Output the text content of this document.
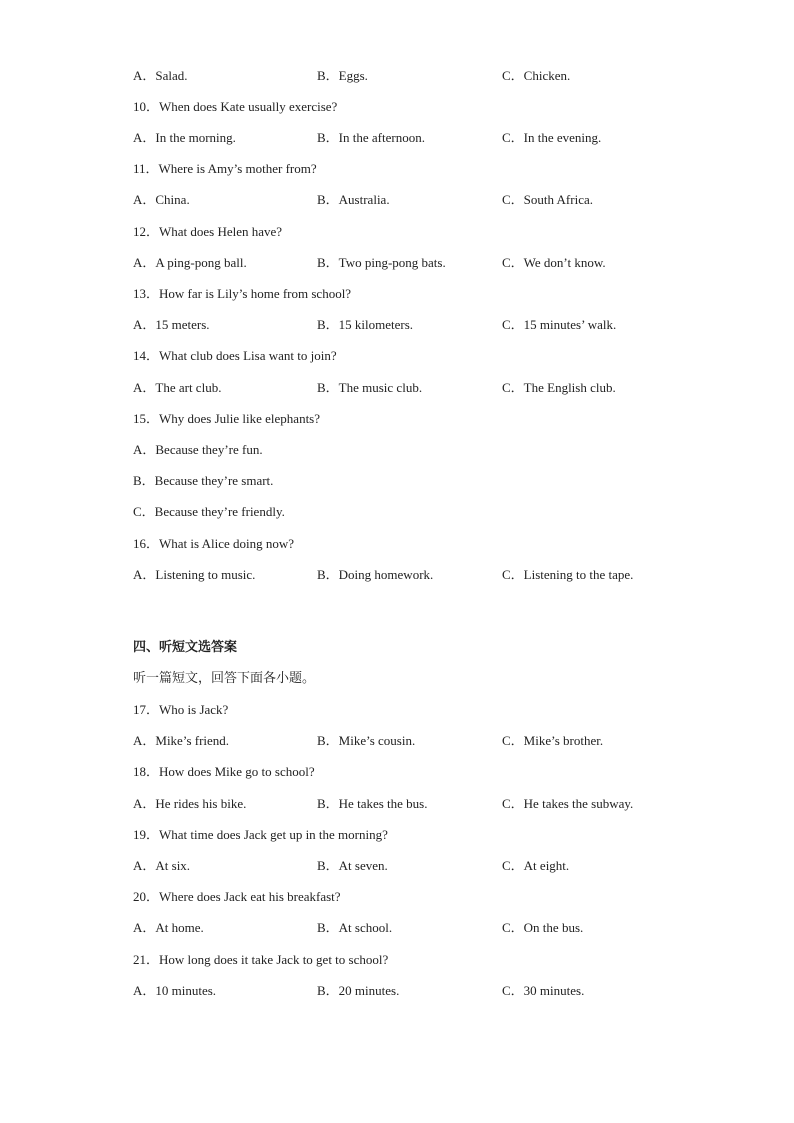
A．Salad.	B．Eggs.	C．Chicken.
10．When does Kate usually exercise?
A．In the morning.	B．In the afternoon.	C．In the evening.
11．Where is Amy’s mother from?
A．China.	B．Australia.	C．South Africa.
12．What does Helen have?
A．A ping-pong ball.	B．Two ping-pong bats.	C．We don’t know.
13．How far is Lily’s home from school?
A．15 meters.	B．15 kilometers.	C．15 minutes’ walk.
14．What club does Lisa want to join?
A．The art club.	B．The music club.	C．The English club.
15．Why does Julie like elephants?
A．Because they’re fun.
B．Because they’re smart.
C．Because they’re friendly.
16．What is Alice doing now?
A．Listening to music.	B．Doing homework.	C．Listening to the tape.
四、听短文选答案
听一篇短文，回答下面各小题。
17．Who is Jack?
A．Mike’s friend.	B．Mike’s cousin.	C．Mike’s brother.
18．How does Mike go to school?
A．He rides his bike.	B．He takes the bus.	C．He takes the subway.
19．What time does Jack get up in the morning?
A．At six.	B．At seven.	C．At eight.
20．Where does Jack eat his breakfast?
A．At home.	B．At school.	C．On the bus.
21．How long does it take Jack to get to school?
A．10 minutes.	B．20 minutes.	C．30 minutes.
